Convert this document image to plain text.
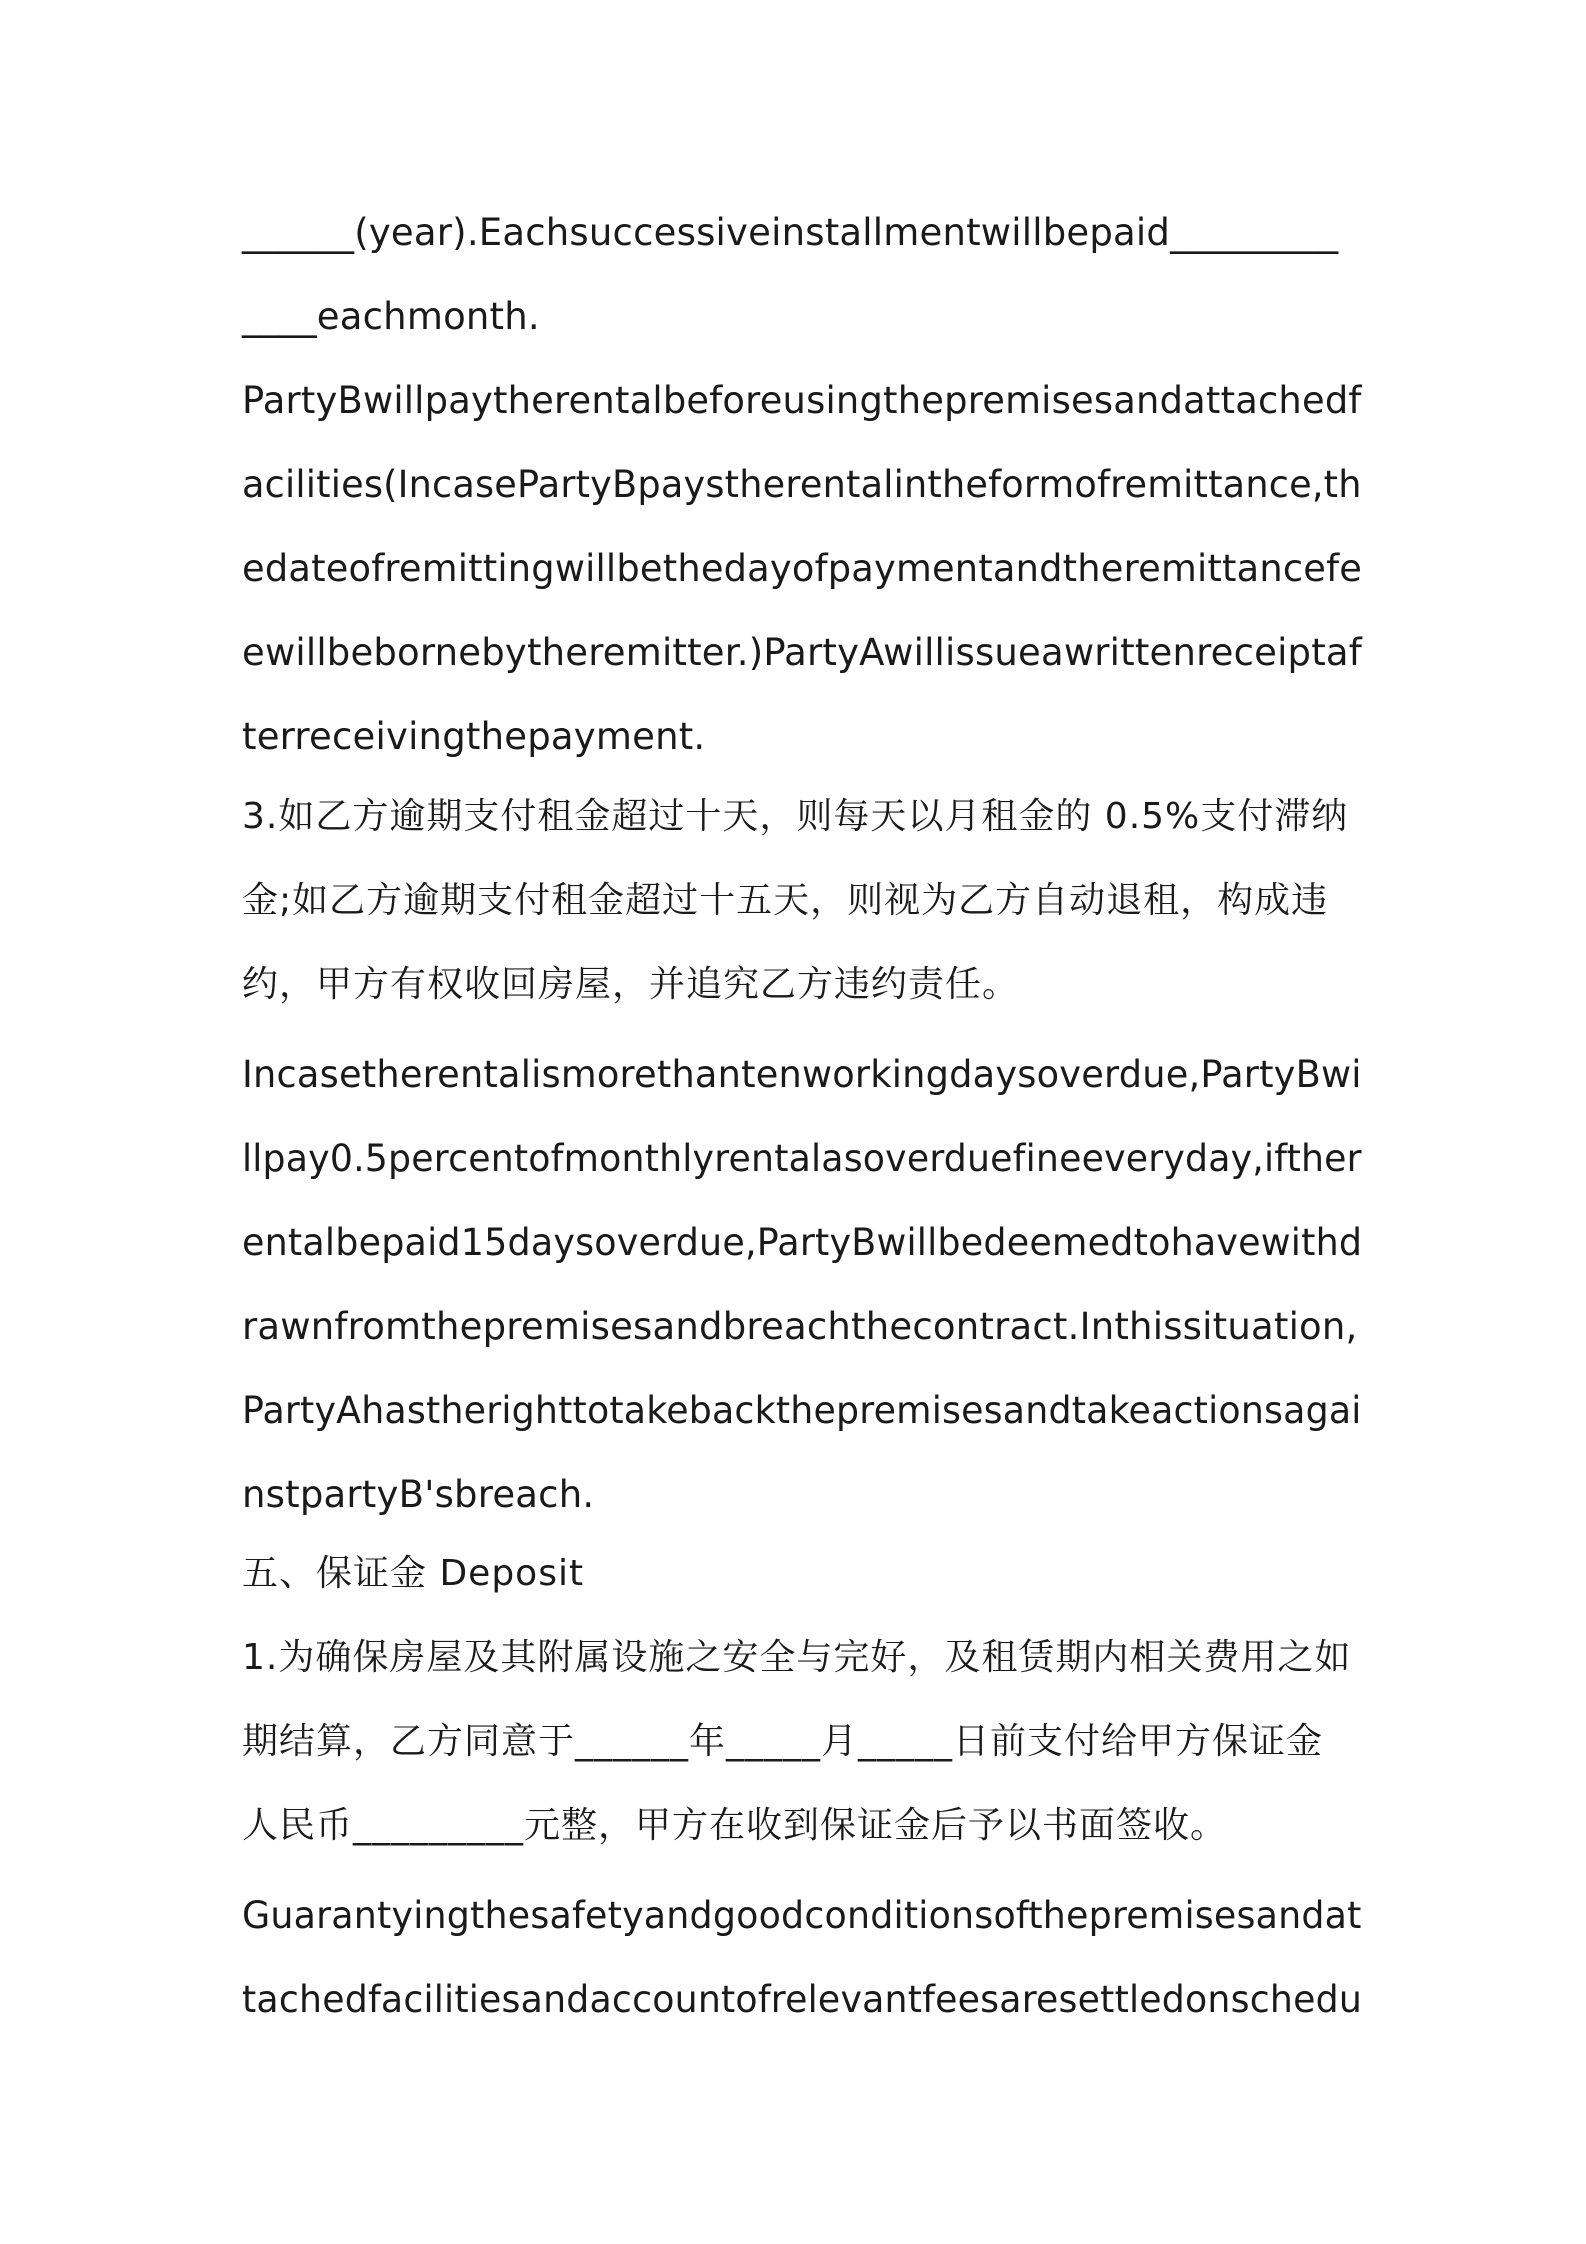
______(year).Eachsuccessiveinstallmentwillbepaid_________
____eachmonth.
PartyBwillpaytherentalbeforeusingthepremisesandattachedf
acilities(IncasePartyBpaystherentalintheformofremittance,th
edateofremittingwillbethedayofpaymentandtheremittancefe
ewillbebornebytheremitter.)PartyAwillissueawrittenreceiptaf
terreceivingthepayment.
3.如乙方逾期支付租金超过十天，则每天以月租金的 0.5%支付滞纳
金;如乙方逾期支付租金超过十五天，则视为乙方自动退租，构成违
约，甲方有权收回房屋，并追究乙方违约责任。
Incasetherentalismorethantenworkingdaysoverdue,PartyBwi
llpay0.5percentofmonthlyrentalasoverduefineeveryday,ifther
entalbepaid15daysoverdue,PartyBwillbedeemedtohavewithd
rawnfromthepremisesandbreachthecontract.Inthissituation,
PartyAhastherighttotakebackthepremisesandtakeactionsagai
nstpartyB'sbreach.
五、保证金 Deposit
1.为确保房屋及其附属设施之安全与完好，及租赁期内相关费用之如
期结算，乙方同意于______年_____月_____日前支付给甲方保证金
人民币_________元整，甲方在收到保证金后予以书面签收。
Guarantyingthesafetyandgoodconditionsofthepremisesandat
tachedfacilitiesandaccountofrelevantfeesaresettledonschedu
